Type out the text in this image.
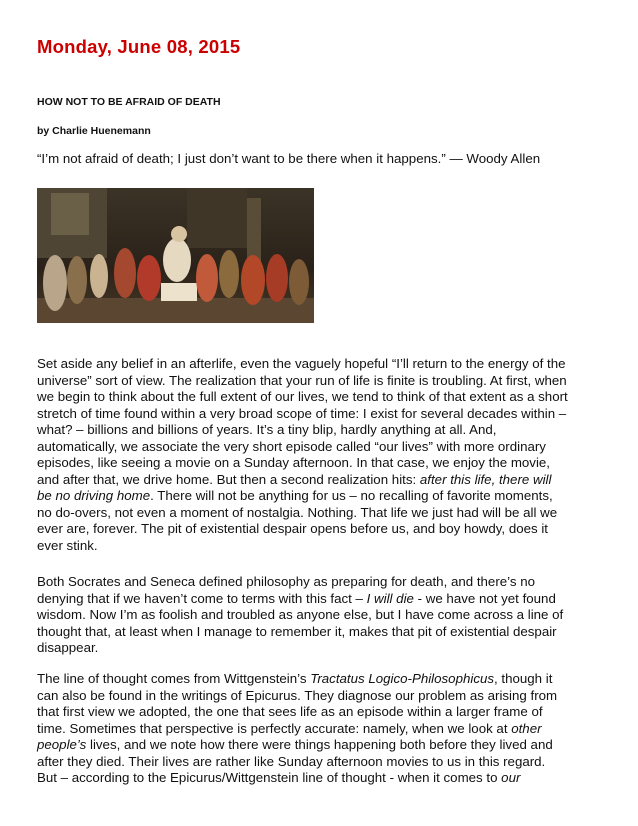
Monday, June 08, 2015
HOW NOT TO BE AFRAID OF DEATH
by Charlie Huenemann
“I’m not afraid of death; I just don’t want to be there when it happens.” — Woody Allen

Set aside any belief in an afterlife, even the vaguely hopeful “I’ll return to the energy of the

universe” sort of view. The realization that your run of life is finite is troubling. At first, when

we begin to think about the full extent of our lives, we tend to think of that extent as a short

stretch of time found within a very broad scope of time: I exist for several decades within –

what? – billions and billions of years. It’s a tiny blip, hardly anything at all. And,

automatically, we associate the very short episode called “our lives” with more ordinary

episodes, like seeing a movie on a Sunday afternoon. In that case, we enjoy the movie,

and after that, we drive home. But then a second realization hits: after this life, there will

be no driving home. There will not be anything for us – no recalling of favorite moments,

no do-overs, not even a moment of nostalgia. Nothing. That life we just had will be all we

ever are, forever. The pit of existential despair opens before us, and boy howdy, does it

ever stink.

Both Socrates and Seneca defined philosophy as preparing for death, and there’s no

denying that if we haven’t come to terms with this fact – I will die - we have not yet found

wisdom. Now I’m as foolish and troubled as anyone else, but I have come across a line of

thought that, at least when I manage to remember it, makes that pit of existential despair

disappear.

The line of thought comes from Wittgenstein’s Tractatus Logico-Philosophicus, though it

can also be found in the writings of Epicurus. They diagnose our problem as arising from

that first view we adopted, the one that sees life as an episode within a larger frame of

time. Sometimes that perspective is perfectly accurate: namely, when we look at other

people’s lives, and we note how there were things happening both before they lived and

after they died. Their lives are rather like Sunday afternoon movies to us in this regard.

But – according to the Epicurus/Wittgenstein line of thought - when it comes to our
